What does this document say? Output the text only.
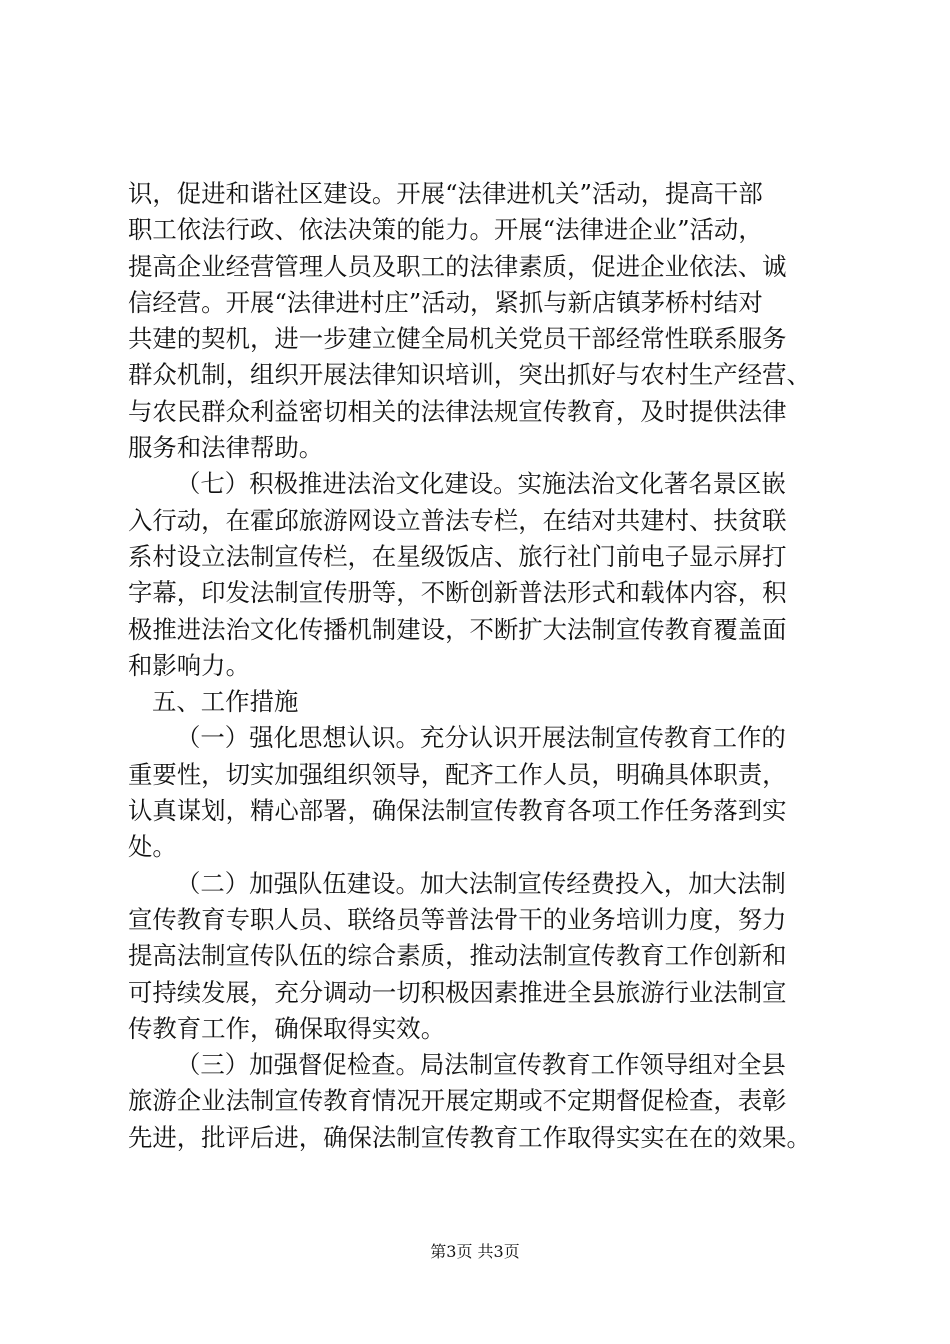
识，促进和谐社区建设。开展“法律进机关”活动，提高干部
职工依法行政、依法决策的能力。开展“法律进企业”活动，
提高企业经营管理人员及职工的法律素质，促进企业依法、诚
信经营。开展“法律进村庄”活动，紧抓与新店镇茅桥村结对
共建的契机，进一步建立健全局机关党员干部经常性联系服务
群众机制，组织开展法律知识培训，突出抓好与农村生产经营、
与农民群众利益密切相关的法律法规宣传教育，及时提供法律
服务和法律帮助。
（七）积极推进法治文化建设。实施法治文化著名景区嵌
入行动，在霍邱旅游网设立普法专栏，在结对共建村、扶贫联
系村设立法制宣传栏，在星级饭店、旅行社门前电子显示屏打
字幕，印发法制宣传册等，不断创新普法形式和载体内容，积
极推进法治文化传播机制建设，不断扩大法制宣传教育覆盖面
和影响力。
五、工作措施
（一）强化思想认识。充分认识开展法制宣传教育工作的
重要性，切实加强组织领导，配齐工作人员，明确具体职责，
认真谋划，精心部署，确保法制宣传教育各项工作任务落到实
处。
（二）加强队伍建设。加大法制宣传经费投入，加大法制
宣传教育专职人员、联络员等普法骨干的业务培训力度，努力
提高法制宣传队伍的综合素质，推动法制宣传教育工作创新和
可持续发展，充分调动一切积极因素推进全县旅游行业法制宣
传教育工作，确保取得实效。
（三）加强督促检查。局法制宣传教育工作领导组对全县
旅游企业法制宣传教育情况开展定期或不定期督促检查，表彰
先进，批评后进，确保法制宣传教育工作取得实实在在的效果。
第3页 共3页
